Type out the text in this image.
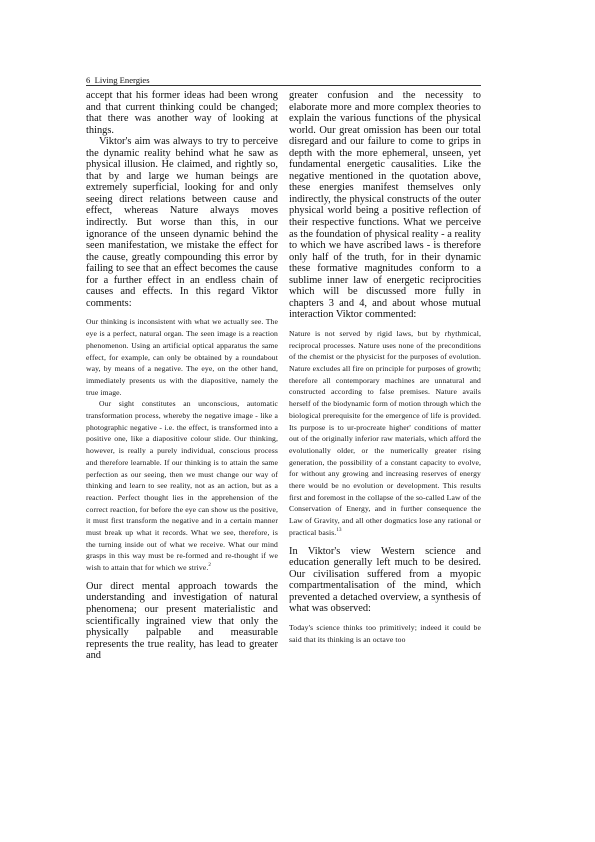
6 Living Energies

accept that his former ideas had been wrong and that current thinking could be changed; that there was another way of looking at things.

Viktor's aim was always to try to perceive the dynamic reality behind what he saw as physical illusion. He claimed, and rightly so, that by and large we human beings are extremely superficial, looking for and only seeing direct relations between cause and effect, whereas Nature always moves indirectly. But worse than this, in our ignorance of the unseen dynamic behind the seen manifestation, we mistake the effect for the cause, greatly compounding this error by failing to see that an effect becomes the cause for a further effect in an endless chain of causes and effects. In this regard Viktor comments:

Our thinking is inconsistent with what we actually see. The eye is a perfect, natural organ. The seen image is a reaction phenomenon. Using an artificial optical apparatus the same effect, for example, can only be obtained by a roundabout way, by means of a negative. The eye, on the other hand, immediately presents us with the diapositive, namely the true image.

Our sight constitutes an unconscious, automatic transformation process, whereby the negative image - like a photographic negative - i.e. the effect, is transformed into a positive one, like a diapositive colour slide. Our thinking, however, is really a purely individual, conscious process and therefore learnable. If our thinking is to attain the same perfection as our seeing, then we must change our way of thinking and learn to see reality, not as an action, but as a reaction. Perfect thought lies in the apprehension of the correct reaction, for before the eye can show us the positive, it must first transform the negative and in a certain manner must break up what it records. What we see, therefore, is the turning inside out of what we receive. What our mind grasps in this way must be re-formed and re-thought if we wish to attain that for which we strive.$^2$

Our direct mental approach towards the understanding and investigation of natural phenomena; our present materialistic and scientifically ingrained view that only the physically palpable and measurable represents the true reality, has lead to greater and

greater confusion and the necessity to elaborate more and more complex theories to explain the various functions of the physical world. Our great omission has been our total disregard and our failure to come to grips in depth with the more ephemeral, unseen, yet fundamental energetic causalities. Like the negative mentioned in the quotation above, these energies manifest themselves only indirectly, the physical constructs of the outer physical world being a positive reflection of their respective functions. What we perceive as the foundation of physical reality - a reality to which we have ascribed laws - is therefore only half of the truth, for in their dynamic these formative magnitudes conform to a sublime inner law of energetic reciprocities which will be discussed more fully in chapters 3 and 4, and about whose mutual interaction Viktor commented:

Nature is not served by rigid laws, but by rhythmical, reciprocal processes. Nature uses none of the preconditions of the chemist or the physicist for the purposes of evolution. Nature excludes all fire on principle for purposes of growth; therefore all contemporary machines are unnatural and constructed according to false premises. Nature avails herself of the biodynamic form of motion through which the biological prerequisite for the emergence of life is provided. Its purpose is to ur-procreate higher' conditions of matter out of the originally inferior raw materials, which afford the evolutionally older, or the numerically greater rising generation, the possibility of a constant capacity to evolve, for without any growing and increasing reserves of energy there would be no evolution or development. This results first and foremost in the collapse of the so-called Law of the Conservation of Energy, and in further consequence the Law of Gravity, and all other dogmatics lose any rational or practical basis.$^{13}$

In Viktor's view Western science and education generally left much to be desired. Our civilisation suffered from a myopic compartmentalisation of the mind, which prevented a detached overview, a synthesis of what was observed:

Today's science thinks too primitively; indeed it could be said that its thinking is an octave too
